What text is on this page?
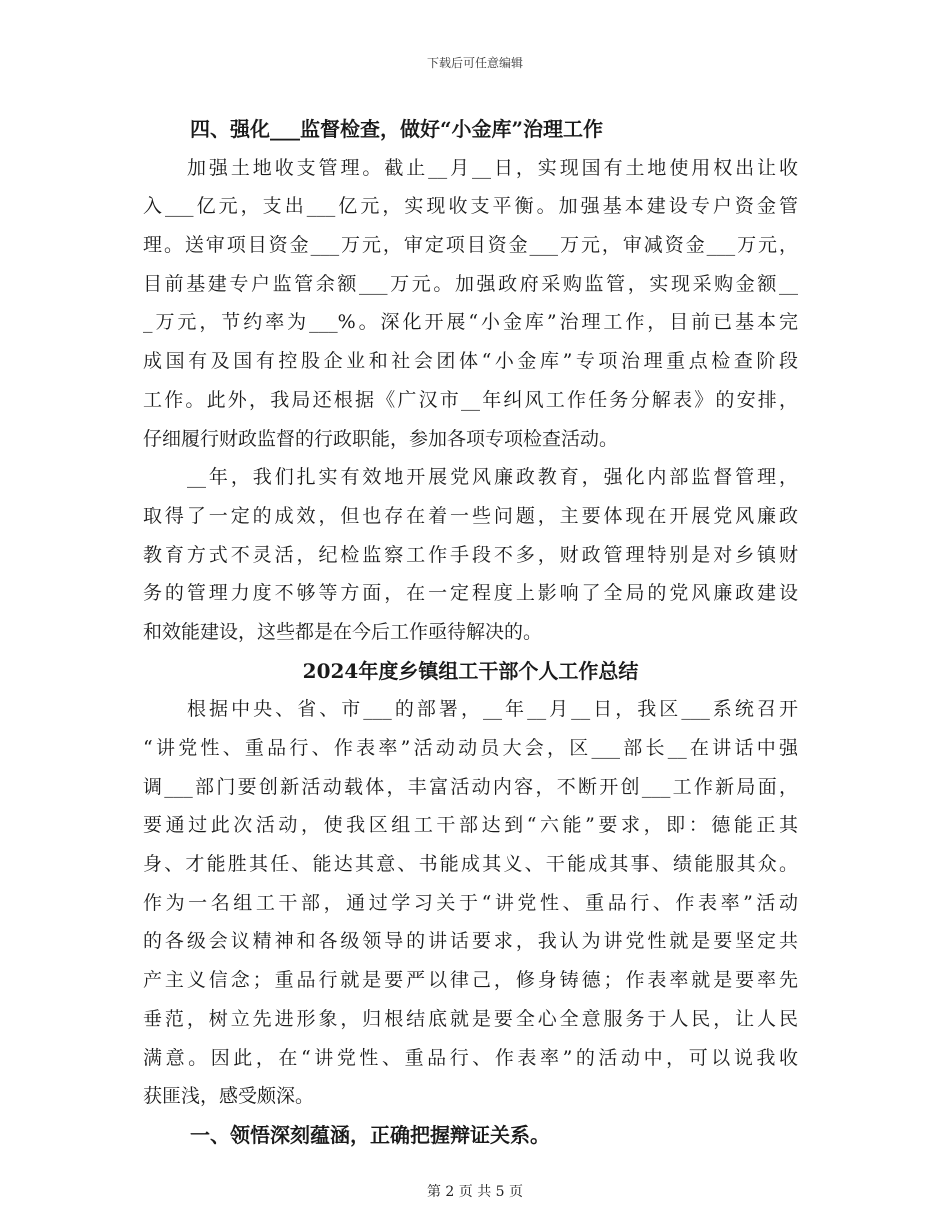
下载后可任意编辑
四、强化___监督检查，做好“小金库”治理工作
加强土地收支管理。截止__月__日，实现国有土地使用权出让收
入___亿元，支出___亿元，实现收支平衡。加强基本建设专户资金管
理。送审项目资金___万元，审定项目资金___万元，审减资金___万元，
目前基建专户监管余额___万元。加强政府采购监管，实现采购金额__
_万元，节约率为___%。深化开展“小金库”治理工作，目前已基本完
成国有及国有控股企业和社会团体“小金库”专项治理重点检查阶段
工作。此外，我局还根据《广汉市__年纠风工作任务分解表》的安排，
仔细履行财政监督的行政职能，参加各项专项检查活动。
__年，我们扎实有效地开展党风廉政教育，强化内部监督管理，
取得了一定的成效，但也存在着一些问题，主要体现在开展党风廉政
教育方式不灵活，纪检监察工作手段不多，财政管理特别是对乡镇财
务的管理力度不够等方面，在一定程度上影响了全局的党风廉政建设
和效能建设，这些都是在今后工作亟待解决的。
2024年度乡镇组工干部个人工作总结
根据中央、省、市___的部署，__年__月__日，我区___系统召开
“讲党性、重品行、作表率”活动动员大会，区___部长__在讲话中强
调___部门要创新活动载体，丰富活动内容，不断开创___工作新局面，
要通过此次活动，使我区组工干部达到“六能”要求，即：德能正其
身、才能胜其任、能达其意、书能成其义、干能成其事、绩能服其众。
作为一名组工干部，通过学习关于“讲党性、重品行、作表率”活动
的各级会议精神和各级领导的讲话要求，我认为讲党性就是要坚定共
产主义信念；重品行就是要严以律己，修身铸德；作表率就是要率先
垂范，树立先进形象，归根结底就是要全心全意服务于人民，让人民
满意。因此，在“讲党性、重品行、作表率”的活动中，可以说我收
获匪浅，感受颇深。
一、领悟深刻蕴涵，正确把握辩证关系。
第 2 页 共 5 页
